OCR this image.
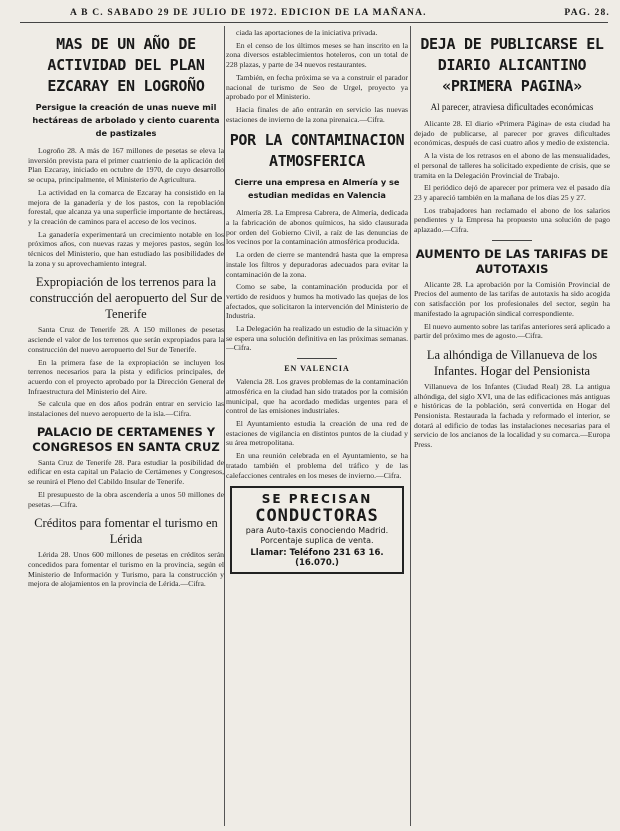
A B C. SABADO 29 DE JULIO DE 1972. EDICION DE LA MAÑANA.	PAG. 28.
MAS DE UN AÑO DE ACTIVIDAD DEL PLAN EZCARAY EN LOGROÑO
Persigue la creación de unas nueve mil hectáreas de arbolado y ciento cuarenta de pastizales

Logroño 28. A más de 167 millones de pesetas se eleva la inversión prevista para el primer cuatrienio de la aplicación del Plan Ezcaray, iniciado en octubre de 1970, de cuyo desarrollo se ocupa, principalmente, el Ministerio de Agricultura.

La actividad en la comarca de Ezcaray ha consistido en la mejora de la ganadería y de los pastos, con la repoblación forestal, que alcanza ya una superficie importante de hectáreas, y la creación de caminos para el acceso de los vecinos.

La ganadería experimentará un crecimiento notable en los próximos años, con nuevas razas y mejores pastos, según los técnicos del Ministerio, que han estudiado las posibilidades de la zona y su aprovechamiento integral.

Expropiación de los terrenos para la construcción del aeropuerto del Sur de Tenerife

Santa Cruz de Tenerife 28. A 150 millones de pesetas asciende el valor de los terrenos que serán expropiados para la construcción del nuevo aeropuerto del Sur de Tenerife.

En la primera fase de la expropiación se incluyen los terrenos necesarios para la pista y edificios principales, de acuerdo con el proyecto aprobado por la Dirección General de Infraestructura del Ministerio del Aire.

Se calcula que en dos años podrán entrar en servicio las instalaciones del nuevo aeropuerto de la isla.—Cifra.

PALACIO DE CERTAMENES Y CONGRESOS EN SANTA CRUZ

Santa Cruz de Tenerife 28. Para estudiar la posibilidad de edificar en esta capital un Palacio de Certámenes y Congresos, se reunirá el Pleno del Cabildo Insular de Tenerife.

El presupuesto de la obra ascendería a unos 50 millones de pesetas.—Cifra.

Créditos para fomentar el turismo en Lérida

Lérida 28. Unos 600 millones de pesetas en créditos serán concedidos para fomentar el turismo en la provincia, según el Ministerio de Información y Turismo, para la construcción y mejora de alojamientos en la provincia de Lérida.—Cifra.

ciada las aportaciones de la iniciativa privada.

En el censo de los últimos meses se han inscrito en la zona diversos establecimientos hoteleros, con un total de 228 plazas, y parte de 34 nuevos restaurantes.

También, en fecha próxima se va a construir el parador nacional de turismo de Seo de Urgel, proyecto ya aprobado por el Ministerio.

Hacia finales de año entrarán en servicio las nuevas estaciones de invierno de la zona pirenaica.—Cifra.

POR LA CONTAMINACION ATMOSFERICA
Cierre una empresa en Almería y se estudian medidas en Valencia

Almería 28. La Empresa Cabrera, de Almería, dedicada a la fabricación de abonos químicos, ha sido clausurada por orden del Gobierno Civil, a raíz de las denuncias de los vecinos por la contaminación atmosférica producida.

La orden de cierre se mantendrá hasta que la empresa instale los filtros y depuradoras adecuados para evitar la contaminación de la zona.

Como se sabe, la contaminación producida por el vertido de residuos y humos ha motivado las quejas de los afectados, que solicitaron la intervención del Ministerio de Industria.

La Delegación ha realizado un estudio de la situación y se espera una solución definitiva en las próximas semanas.—Cifra.

EN VALENCIA

Valencia 28. Los graves problemas de la contaminación atmosférica en la ciudad han sido tratados por la comisión municipal, que ha acordado medidas urgentes para el control de las emisiones industriales.

El Ayuntamiento estudia la creación de una red de estaciones de vigilancia en distintos puntos de la ciudad y su área metropolitana.

En una reunión celebrada en el Ayuntamiento, se ha tratado también el problema del tráfico y de las calefacciones centrales en los meses de invierno.—Cifra.

SE PRECISAN
CONDUCTORAS
para Auto-taxis conociendo Madrid.
Porcentaje suplica de venta.
Llamar: Teléfono 231 63 16. (16.070.)
DEJA DE PUBLICARSE EL DIARIO ALICANTINO «PRIMERA PAGINA»
Al parecer, atraviesa dificultades económicas

Alicante 28. El diario «Primera Página» de esta ciudad ha dejado de publicarse, al parecer por graves dificultades económicas, después de casi cuatro años y medio de existencia.

A la vista de los retrasos en el abono de las mensualidades, el personal de talleres ha solicitado expediente de crisis, que se tramita en la Delegación Provincial de Trabajo.

El periódico dejó de aparecer por primera vez el pasado día 23 y apareció también en la mañana de los días 25 y 27.

Los trabajadores han reclamado el abono de los salarios pendientes y la Empresa ha propuesto una solución de pago aplazado.—Cifra.

AUMENTO DE LAS TARIFAS DE AUTOTAXIS

Alicante 28. La aprobación por la Comisión Provincial de Precios del aumento de las tarifas de autotaxis ha sido acogida con satisfacción por los profesionales del sector, según ha manifestado la agrupación sindical correspondiente.

El nuevo aumento sobre las tarifas anteriores será aplicado a partir del próximo mes de agosto.—Cifra.

La alhóndiga de Villanueva de los Infantes. Hogar del Pensionista

Villanueva de los Infantes (Ciudad Real) 28. La antigua alhóndiga, del siglo XVI, una de las edificaciones más antiguas e históricas de la población, será convertida en Hogar del Pensionista. Restaurada la fachada y reformado el interior, se dotará al edificio de todas las instalaciones necesarias para el servicio de los ancianos de la localidad y su comarca.—Europa Press.
